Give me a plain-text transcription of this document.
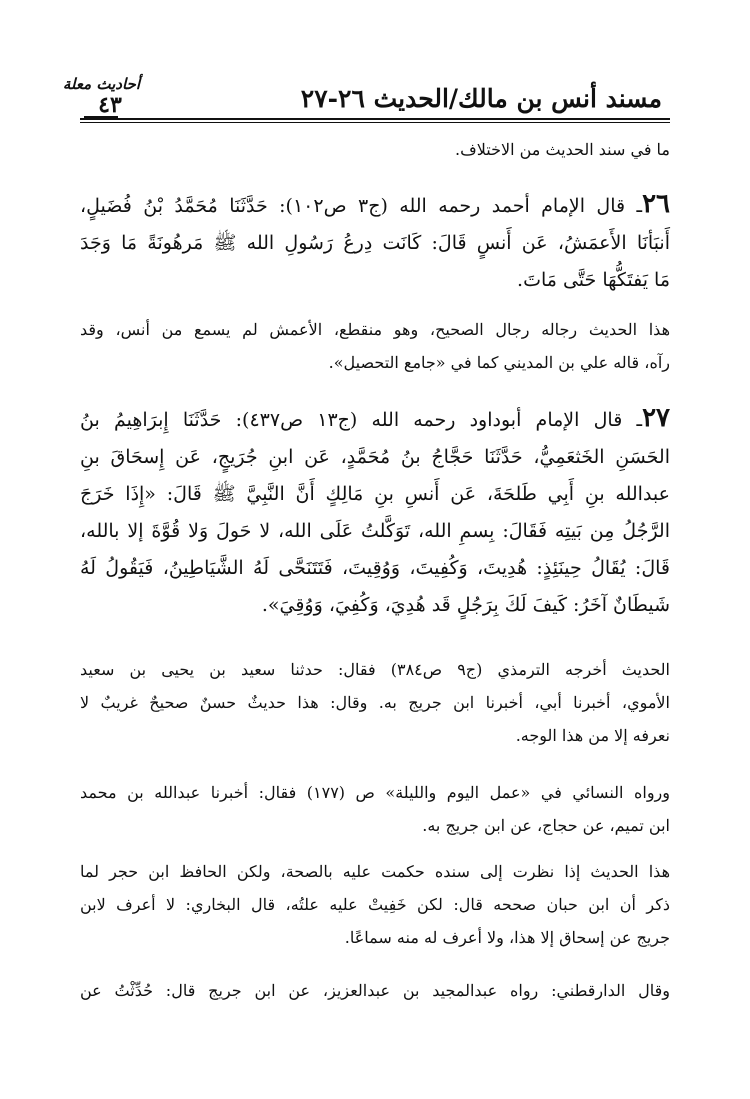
مسند أنس بن مالك/الحديث ٢٦-٢٧
أحاديث معلة
٤٣
ما في سند الحديث من الاختلاف.
٢٦ـ قال الإمام أحمد رحمه الله (ج٣ ص١٠٢): حَدَّثَنَا مُحَمَّدُ بْنُ فُضَيلٍ،
أَنبَأنَا الأَعمَشُ، عَن أَنسٍ قَالَ: كَانَت دِرعُ رَسُولِ الله ﷺ مَرهُونَةً مَا وَجَدَ
مَا يَفتَكُّهَا حَتَّى مَاتَ.
هذا الحديث رجاله رجال الصحيح، وهو منقطع، الأعمش لم يسمع من أنس، وقد
رآه، قاله علي بن المديني كما في «جامع التحصيل».
٢٧ـ قال الإمام أبوداود رحمه الله (ج١٣ ص٤٣٧): حَدَّثَنَا إِبرَاهِيمُ بنُ
الحَسَنِ الخَثعَمِيُّ، حَدَّثَنَا حَجَّاجُ بنُ مُحَمَّدٍ، عَن ابنِ جُرَيجٍ، عَن إِسحَاقَ بنِ
عبدالله بنِ أَبِي طَلحَةَ، عَن أَنسِ بنِ مَالِكٍ أَنَّ النَّبِيَّ ﷺ قَالَ: «إِذَا خَرَجَ
الرَّجُلُ مِن بَيتِه فَقَالَ: بِسمِ الله، تَوَكَّلتُ عَلَى الله، لا حَولَ وَلا قُوَّةَ إلا بالله،
قَالَ: يُقَالُ حِينَئِذٍ: هُدِيتَ، وَكُفِيتَ، وَوُقِيتَ، فَتَتَنَحَّى لَهُ الشَّيَاطِينُ، فَيَقُولُ لَهُ
شَيطَانٌ آخَرُ: كَيفَ لَكَ بِرَجُلٍ قَد هُدِيَ، وَكُفِيَ، وَوُقِيَ».
الحديث أخرجه الترمذي (ج٩ ص٣٨٤) فقال: حدثنا سعيد بن يحيى بن سعيد
الأموي، أخبرنا أبي، أخبرنا ابن جريج به. وقال: هذا حديثٌ حسنٌ صحيحٌ غريبٌ لا
نعرفه إلا من هذا الوجه.
ورواه النسائي في «عمل اليوم والليلة» ص (١٧٧) فقال: أخبرنا عبدالله بن محمد
ابن تميم، عن حجاج، عن ابن جريج به.
هذا الحديث إذا نظرت إلى سنده حكمت عليه بالصحة، ولكن الحافظ ابن حجر لما
ذكر أن ابن حبان صححه قال: لكن خَفِيتْ عليه علتُه، قال البخاري: لا أعرف لابن
جريج عن إسحاق إلا هذا، ولا أعرف له منه سماعًا.
وقال الدارقطني: رواه عبدالمجيد بن عبدالعزيز، عن ابن جريج قال: حُدِّثْتُ عن
